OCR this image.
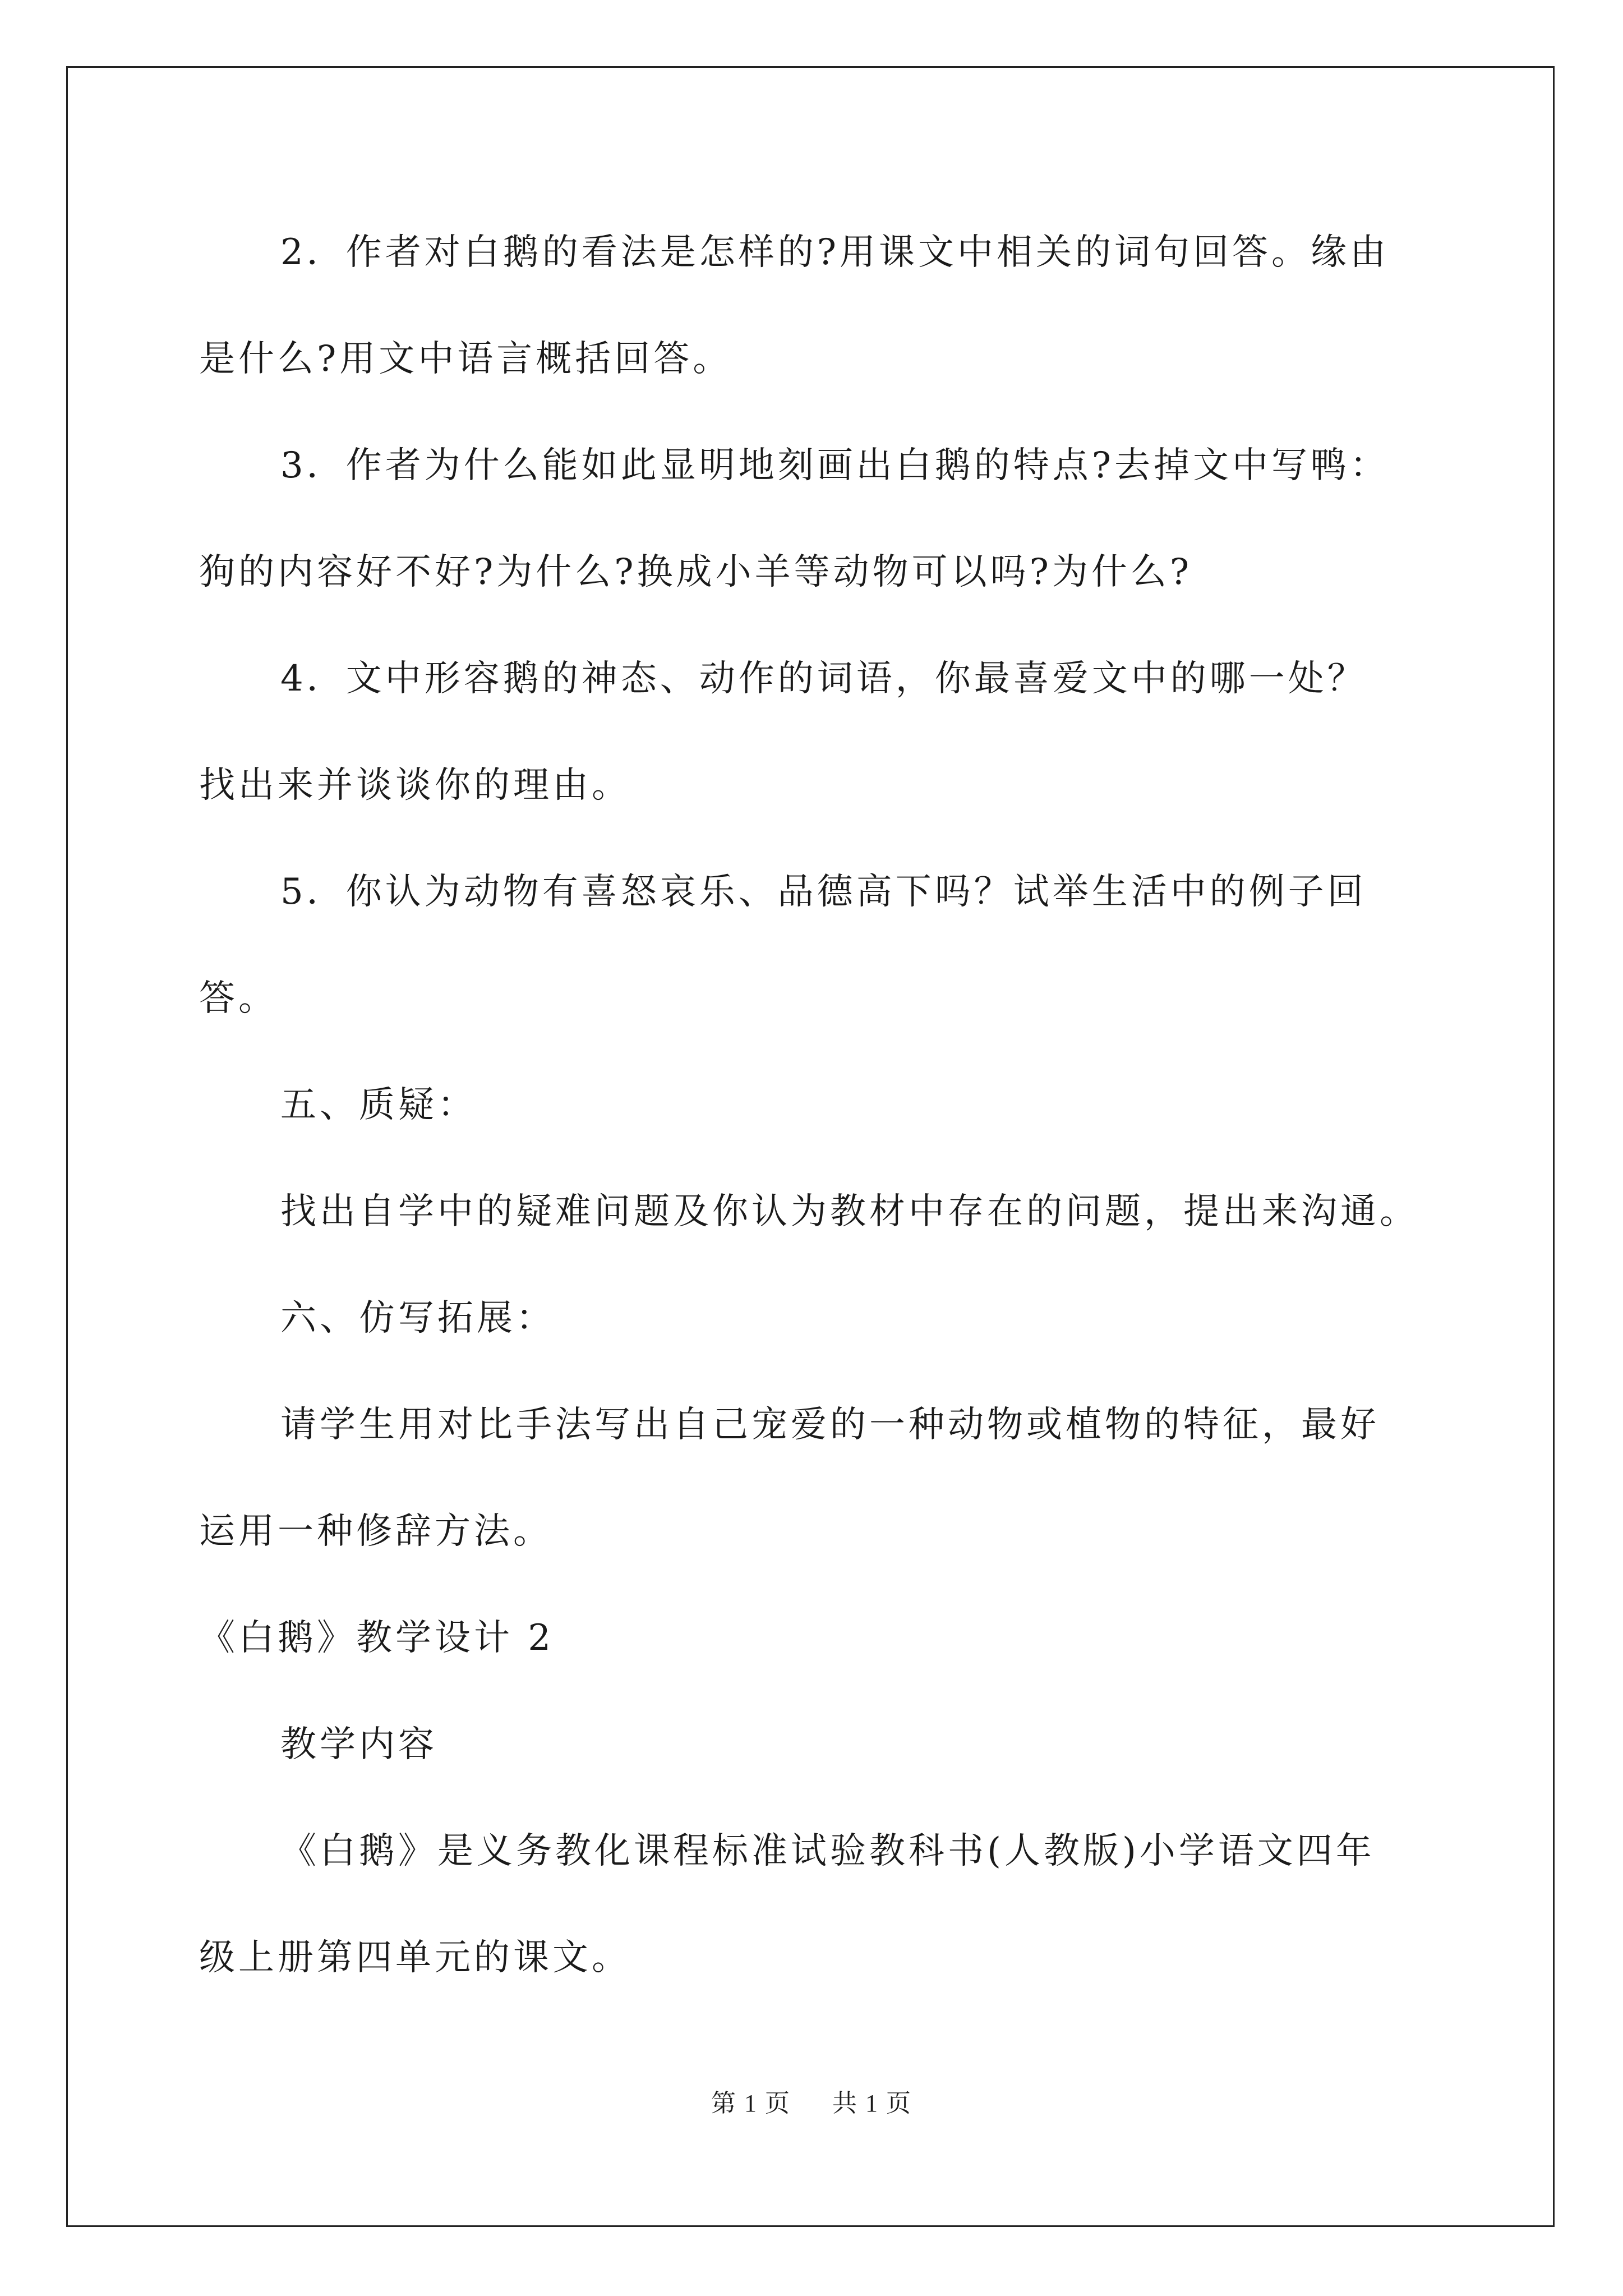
2．作者对白鹅的看法是怎样的?用课文中相关的词句回答。缘由
是什么?用文中语言概括回答。
3．作者为什么能如此显明地刻画出白鹅的特点?去掉文中写鸭：
狗的内容好不好?为什么?换成小羊等动物可以吗?为什么?
4．文中形容鹅的神态、动作的词语，你最喜爱文中的哪一处？
找出来并谈谈你的理由。
5．你认为动物有喜怒哀乐、品德高下吗？试举生活中的例子回
答。
五、质疑：
找出自学中的疑难问题及你认为教材中存在的问题，提出来沟通。
六、仿写拓展：
请学生用对比手法写出自己宠爱的一种动物或植物的特征，最好
运用一种修辞方法。
《白鹅》教学设计 2
教学内容
《白鹅》是义务教化课程标准试验教科书(人教版)小学语文四年
级上册第四单元的课文。
第 1 页 共 1 页
